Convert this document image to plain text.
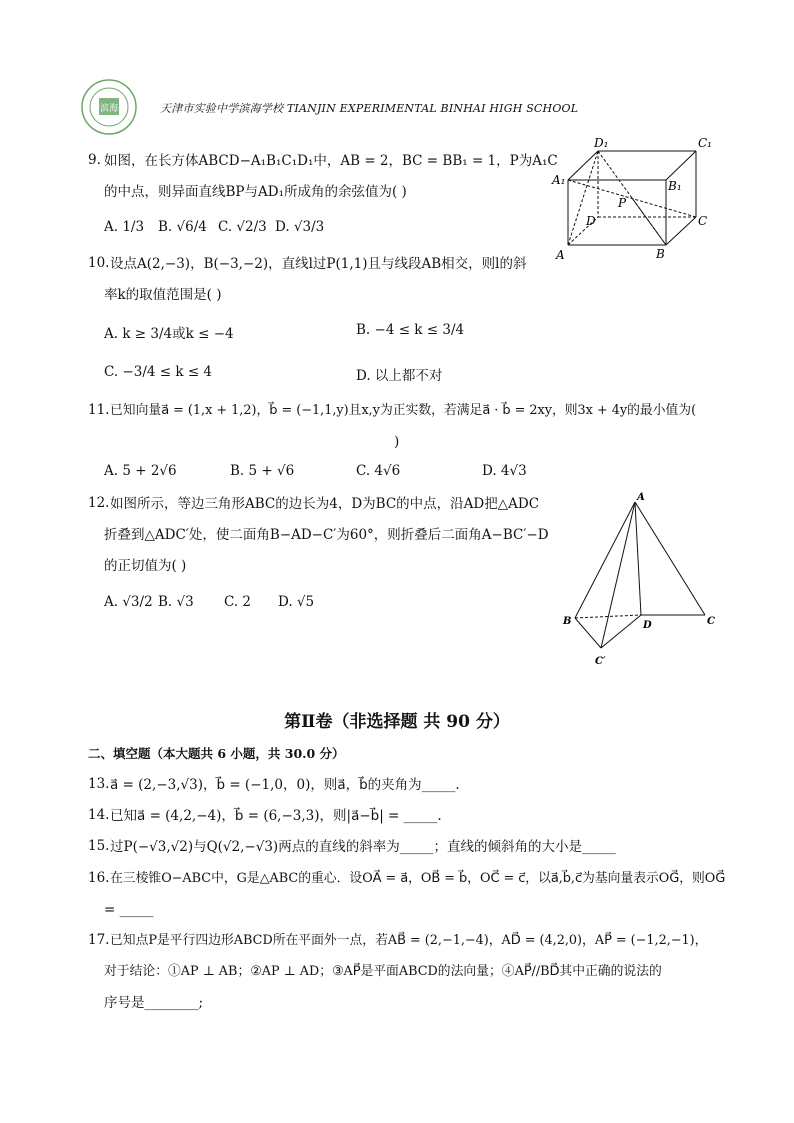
滨海	天津市实验中学滨海学校 TIANJIN EXPERIMENTAL BINHAI HIGH SCHOOL
9. 如图，在长方体ABCD−A₁B₁C₁D₁中，AB = 2，BC = BB₁ = 1，P为A₁C
的中点，则异面直线BP与AD₁所成角的余弦值为( )
A. 1/3 B. √6/4 C. √2/3 D. √3/3
D₁	C₁
A₁	B₁
D
P
C
A	B
10. 设点A(2,−3)，B(−3,−2)，直线l过P(1,1)且与线段AB相交，则l的斜
率k的取值范围是( )
A. k ≥ 3/4或k ≤ −4	B. −4 ≤ k ≤ 3/4
C. −3/4 ≤ k ≤ 4	D. 以上都不对
11. 已知向量a⃗ = (1,x + 1,2)，b⃗ = (−1,1,y)且x,y为正实数，若满足a⃗ · b⃗ = 2xy，则3x + 4y的最小值为(
)
A. 5 + 2√6	B. 5 + √6	C. 4√6	D. 4√3
12. 如图所示，等边三角形ABC的边长为4，D为BC的中点，沿AD把△ADC
折叠到△ADC′处，使二面角B−AD−C′为60°，则折叠后二面角A−BC′−D
的正切值为( )
A. √3/2 B. √3 C. 2 D. √5
A
B	D	C
C′
第Ⅱ卷（非选择题 共 90 分）
二、填空题（本大题共 6 小题，共 30.0 分）
13. a⃗ = (2,−3,√3)，b⃗ = (−1,0，0)，则a⃗，b⃗的夹角为_____.
14. 已知a⃗ = (4,2,−4)，b⃗ = (6,−3,3)，则|a⃗−b⃗| = _____.
15. 过P(−√3,√2)与Q(√2,−√3)两点的直线的斜率为_____；直线的倾斜角的大小是_____
16. 在三棱锥O−ABC中，G是△ABC的重心．设OA⃗ = a⃗，OB⃗ = b⃗，OC⃗ = c⃗，以a⃗,b⃗,c⃗为基向量表示OG⃗，则OG⃗
= _____
17. 已知点P是平行四边形ABCD所在平面外一点，若AB⃗ = (2,−1,−4)，AD⃗ = (4,2,0)，AP⃗ = (−1,2,−1)，
对于结论：①AP ⊥ AB；②AP ⊥ AD；③AP⃗是平面ABCD的法向量；④AP⃗//BD⃗其中正确的说法的
序号是________;
